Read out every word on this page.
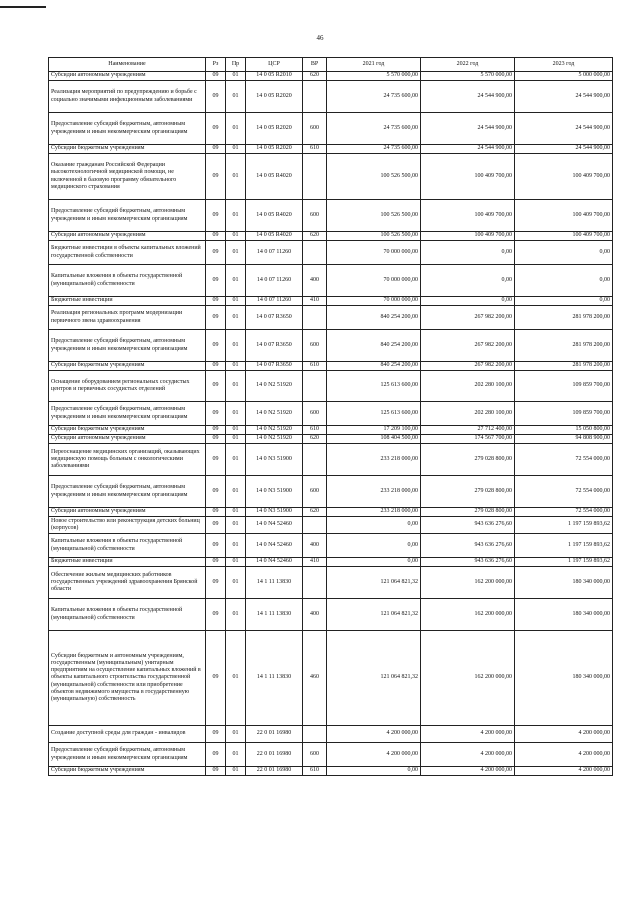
46
Наименование	Рз	Пр	ЦСР	ВР	2021 год	2022 год	2023 год
Субсидии автономным учреждениям	09	01	14 0 05 R2010	620	5 570 000,00	5 570 000,00	5 000 000,00
Реализация мероприятий по предупреждению и борьбе с социально значимыми инфекционными заболеваниями	09	01	14 0 05 R2020		24 735 600,00	24 544 900,00	24 544 900,00
Предоставление субсидий бюджетным, автономным учреждениям и иным некоммерческим организациям	09	01	14 0 05 R2020	600	24 735 600,00	24 544 900,00	24 544 900,00
Субсидии бюджетным учреждениям	09	01	14 0 05 R2020	610	24 735 600,00	24 544 900,00	24 544 900,00
Оказание гражданам Российской Федерации высокотехнологичной медицинской помощи, не включенной в базовую программу обязательного медицинского страхования	09	01	14 0 05 R4020		100 526 500,00	100 409 700,00	100 409 700,00
Предоставление субсидий бюджетным, автономным учреждениям и иным некоммерческим организациям	09	01	14 0 05 R4020	600	100 526 500,00	100 409 700,00	100 409 700,00
Субсидии автономным учреждениям	09	01	14 0 05 R4020	620	100 526 500,00	100 409 700,00	100 409 700,00
Бюджетные инвестиции в объекты капитальных вложений государственной собственности	09	01	14 0 07 11260		70 000 000,00	0,00	0,00
Капитальные вложения в объекты государственной (муниципальной) собственности	09	01	14 0 07 11260	400	70 000 000,00	0,00	0,00
Бюджетные инвестиции	09	01	14 0 07 11260	410	70 000 000,00	0,00	0,00
Реализация региональных программ модернизации первичного звена здравоохранения	09	01	14 0 07 R3650		840 254 200,00	267 982 200,00	281 978 200,00
Предоставление субсидий бюджетным, автономным учреждениям и иным некоммерческим организациям	09	01	14 0 07 R3650	600	840 254 200,00	267 982 200,00	281 978 200,00
Субсидии бюджетным учреждениям	09	01	14 0 07 R3650	610	840 254 200,00	267 982 200,00	281 978 200,00
Оснащение оборудованием региональных сосудистых центров и первичных сосудистых отделений	09	01	14 0 N2 51920		125 613 600,00	202 280 100,00	109 859 700,00
Предоставление субсидий бюджетным, автономным учреждениям и иным некоммерческим организациям	09	01	14 0 N2 51920	600	125 613 600,00	202 280 100,00	109 859 700,00
Субсидии бюджетным учреждениям	09	01	14 0 N2 51920	610	17 209 100,00	27 712 400,00	15 050 800,00
Субсидии автономным учреждениям	09	01	14 0 N2 51920	620	108 404 500,00	174 567 700,00	94 808 900,00
Переоснащение медицинских организаций, оказывающих медицинскую помощь больным с онкологическими заболеваниями	09	01	14 0 N3 51900		233 218 000,00	279 028 800,00	72 554 000,00
Предоставление субсидий бюджетным, автономным учреждениям и иным некоммерческим организациям	09	01	14 0 N3 51900	600	233 218 000,00	279 028 800,00	72 554 000,00
Субсидии автономным учреждениям	09	01	14 0 N3 51900	620	233 218 000,00	279 028 800,00	72 554 000,00
Новое строительство или реконструкция детских больниц (корпусов)	09	01	14 0 N4 52460		0,00	943 636 276,60	1 197 159 893,62
Капитальные вложения в объекты государственной (муниципальной) собственности	09	01	14 0 N4 52460	400	0,00	943 636 276,60	1 197 159 893,62
Бюджетные инвестиции	09	01	14 0 N4 52460	410	0,00	943 636 276,60	1 197 159 893,62
Обеспечение жильем медицинских работников государственных учреждений здравоохранения Брянской области	09	01	14 1 11 13830		121 064 821,32	162 200 000,00	180 340 000,00
Капитальные вложения в объекты государственной (муниципальной) собственности	09	01	14 1 11 13830	400	121 064 821,32	162 200 000,00	180 340 000,00
Субсидии бюджетным и автономным учреждениям, государственным (муниципальным) унитарным предприятиям на осуществление капитальных вложений в объекты капитального строительства государственной (муниципальной) собственности или приобретение объектов недвижимого имущества в государственную (муниципальную) собственность	09	01	14 1 11 13830	460	121 064 821,32	162 200 000,00	180 340 000,00
Создание доступной среды для граждан - инвалидов	09	01	22 0 01 16980		4 200 000,00	4 200 000,00	4 200 000,00
Предоставление субсидий бюджетным, автономным учреждениям и иным некоммерческим организациям	09	01	22 0 01 16980	600	4 200 000,00	4 200 000,00	4 200 000,00
Субсидии бюджетным учреждениям	09	01	22 0 01 16980	610	0,00	4 200 000,00	4 200 000,00
